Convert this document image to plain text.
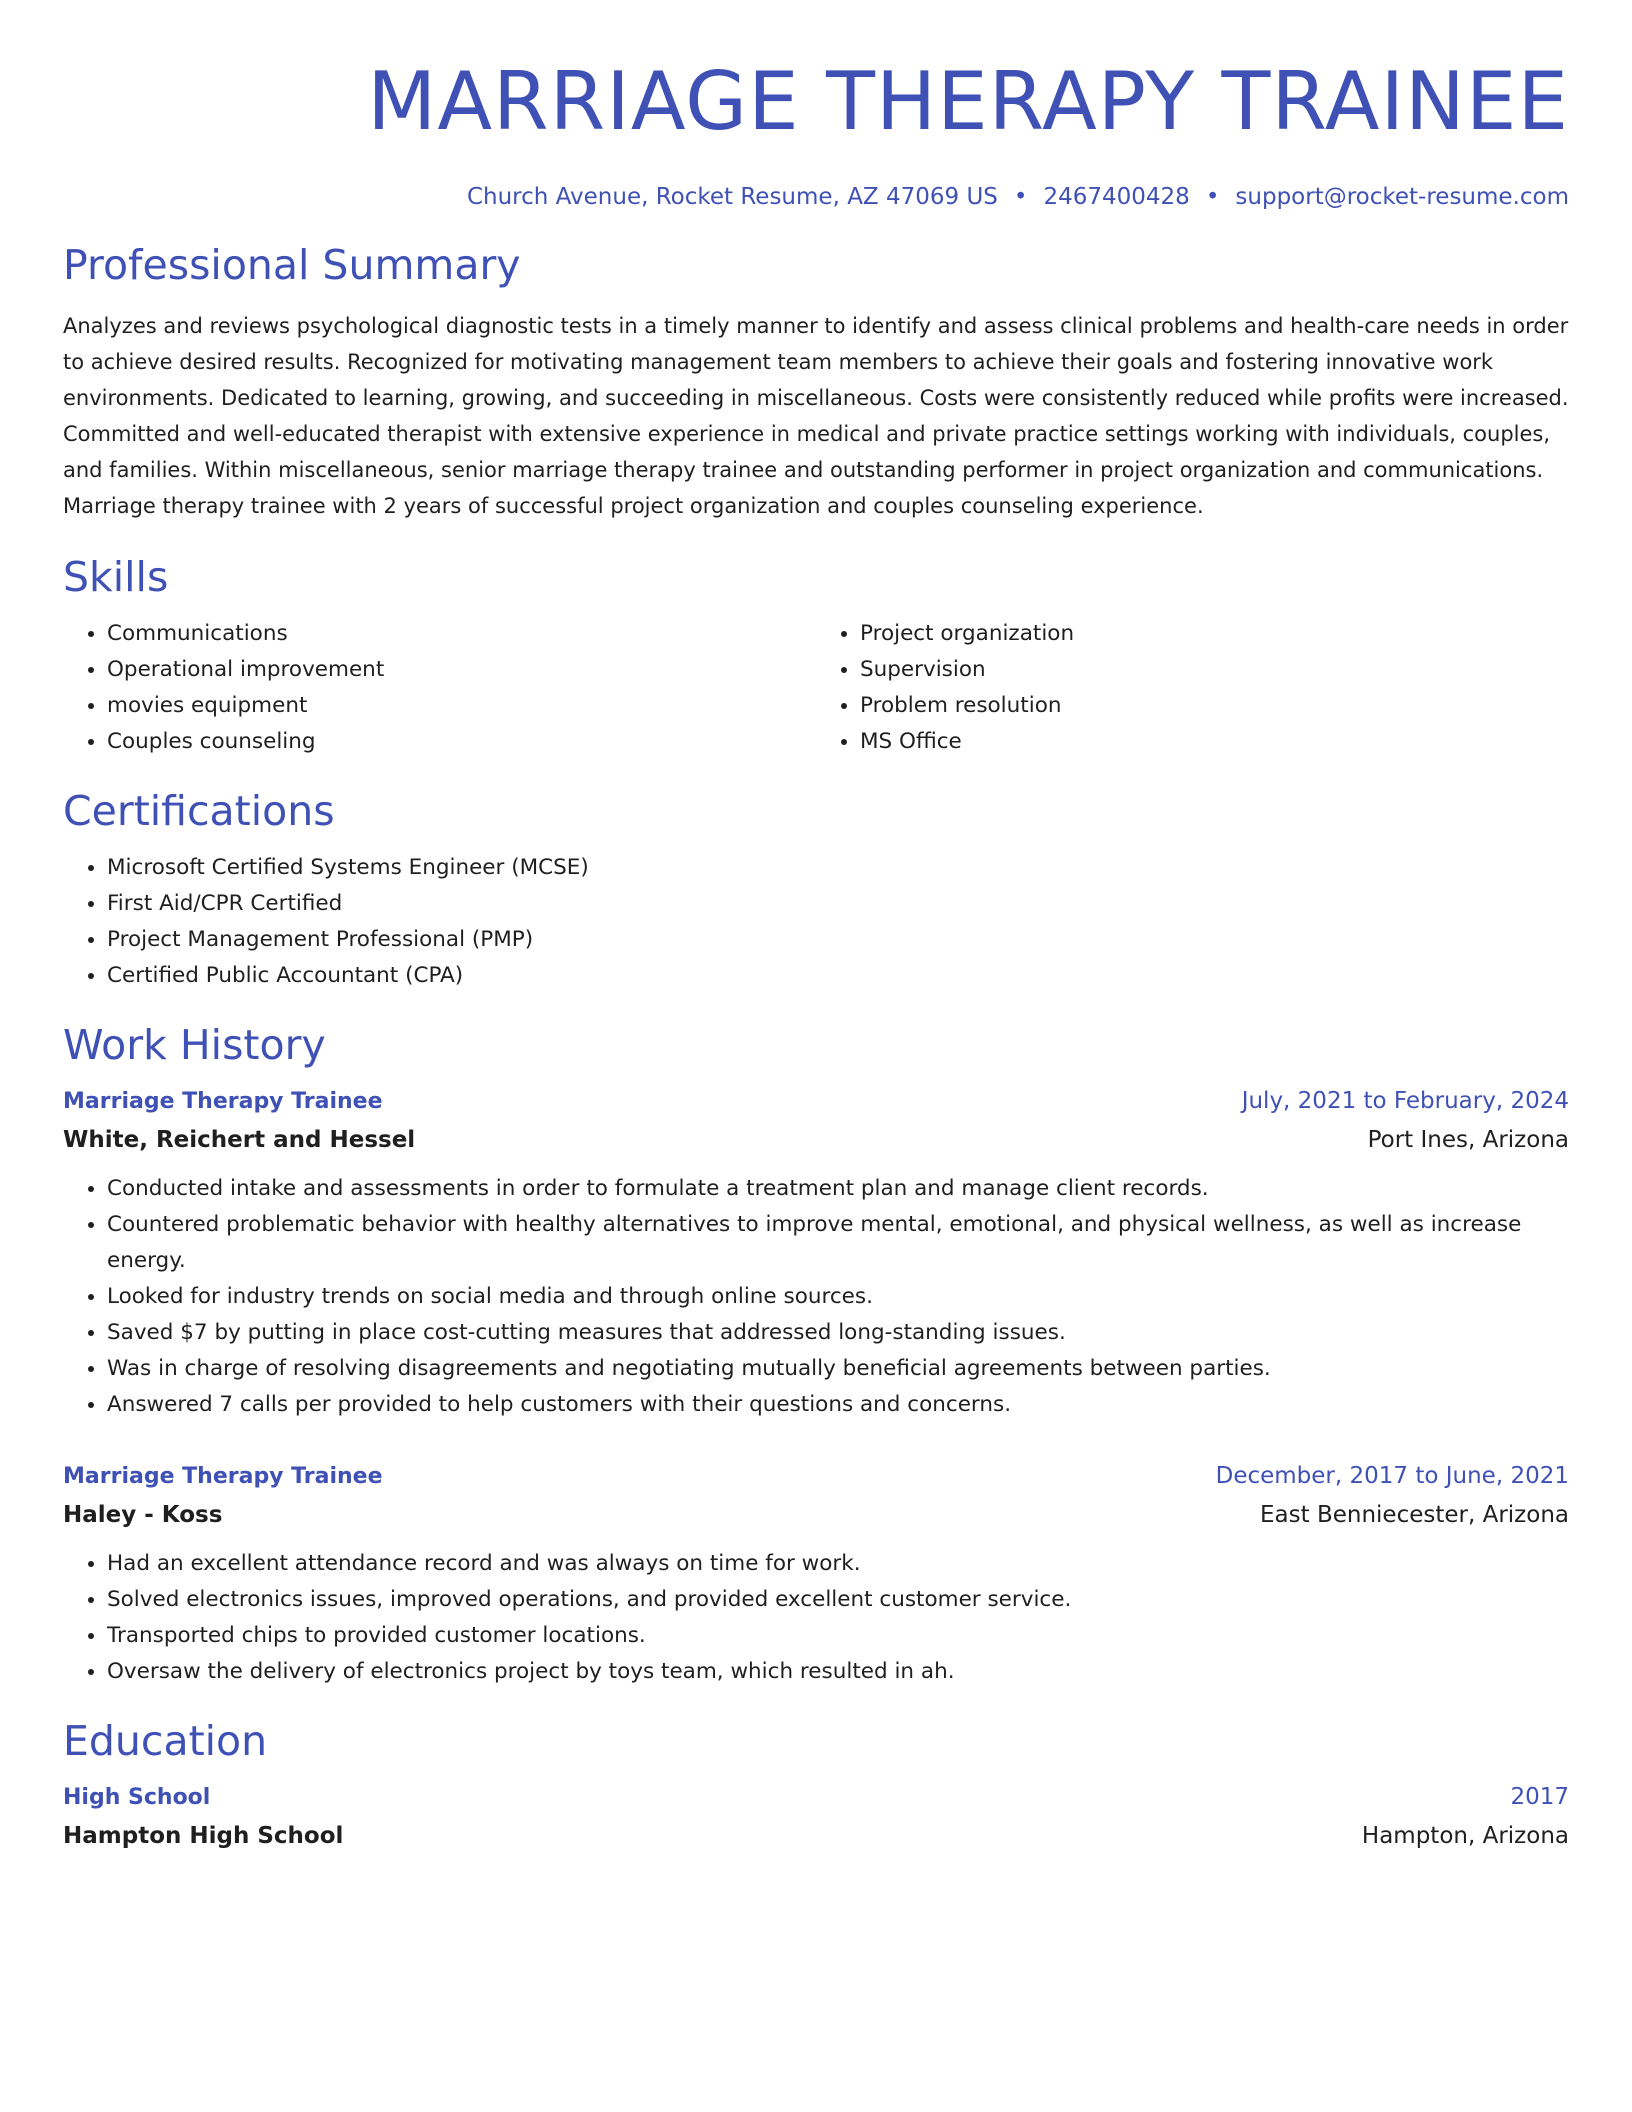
MARRIAGE THERAPY TRAINEE
Church Avenue, Rocket Resume, AZ 47069 US • 2467400428 • support@rocket-resume.com
Professional Summary
Analyzes and reviews psychological diagnostic tests in a timely manner to identify and assess clinical problems and health-care needs in order to achieve desired results. Recognized for motivating management team members to achieve their goals and fostering innovative work environments. Dedicated to learning, growing, and succeeding in miscellaneous. Costs were consistently reduced while profits were increased. Committed and well-educated therapist with extensive experience in medical and private practice settings working with individuals, couples, and families. Within miscellaneous, senior marriage therapy trainee and outstanding performer in project organization and communications. Marriage therapy trainee with 2 years of successful project organization and couples counseling experience.
Skills
• Communications
• Operational improvement
• movies equipment
• Couples counseling
• Project organization
• Supervision
• Problem resolution
• MS Office
Certifications
• Microsoft Certified Systems Engineer (MCSE)
• First Aid/CPR Certified
• Project Management Professional (PMP)
• Certified Public Accountant (CPA)
Work History
Marriage Therapy Trainee	July, 2021 to February, 2024
White, Reichert and Hessel	Port Ines, Arizona
• Conducted intake and assessments in order to formulate a treatment plan and manage client records.
• Countered problematic behavior with healthy alternatives to improve mental, emotional, and physical wellness, as well as increase energy.
• Looked for industry trends on social media and through online sources.
• Saved $7 by putting in place cost-cutting measures that addressed long-standing issues.
• Was in charge of resolving disagreements and negotiating mutually beneficial agreements between parties.
• Answered 7 calls per provided to help customers with their questions and concerns.
Marriage Therapy Trainee	December, 2017 to June, 2021
Haley - Koss	East Benniecester, Arizona
• Had an excellent attendance record and was always on time for work.
• Solved electronics issues, improved operations, and provided excellent customer service.
• Transported chips to provided customer locations.
• Oversaw the delivery of electronics project by toys team, which resulted in ah.
Education
High School	2017
Hampton High School	Hampton, Arizona
